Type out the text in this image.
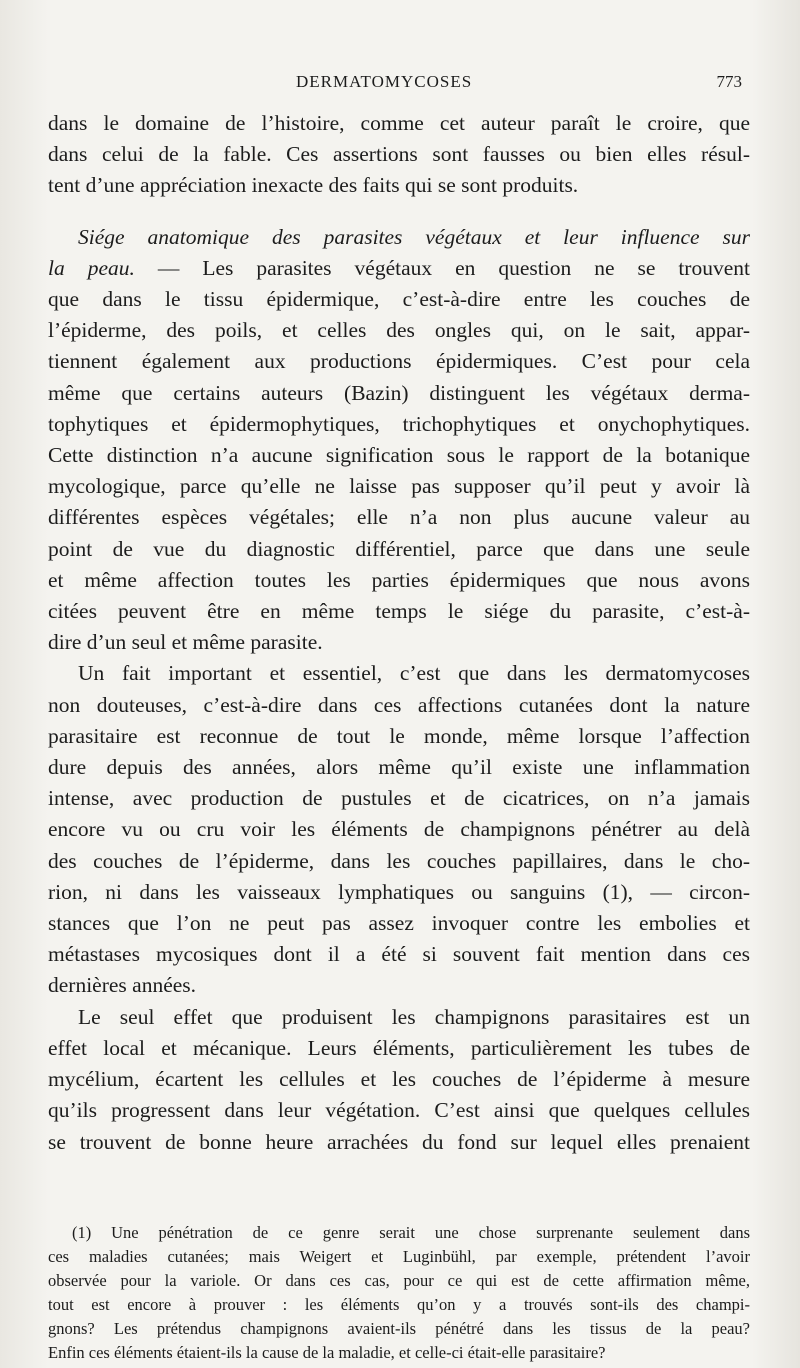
DERMATOMYCOSES	773
dans le domaine de l’histoire, comme cet auteur paraît le croire, que
dans celui de la fable. Ces assertions sont fausses ou bien elles résul-
tent d’une appréciation inexacte des faits qui se sont produits.
Siége anatomique des parasites végétaux et leur influence sur
la peau. — Les parasites végétaux en question ne se trouvent
que dans le tissu épidermique, c’est-à-dire entre les couches de
l’épiderme, des poils, et celles des ongles qui, on le sait, appar-
tiennent également aux productions épidermiques. C’est pour cela
même que certains auteurs (Bazin) distinguent les végétaux derma-
tophytiques et épidermophytiques, trichophytiques et onychophytiques.
Cette distinction n’a aucune signification sous le rapport de la botanique
mycologique, parce qu’elle ne laisse pas supposer qu’il peut y avoir là
différentes espèces végétales; elle n’a non plus aucune valeur au
point de vue du diagnostic différentiel, parce que dans une seule
et même affection toutes les parties épidermiques que nous avons
citées peuvent être en même temps le siége du parasite, c’est-à-
dire d’un seul et même parasite.
Un fait important et essentiel, c’est que dans les dermatomycoses
non douteuses, c’est-à-dire dans ces affections cutanées dont la nature
parasitaire est reconnue de tout le monde, même lorsque l’affection
dure depuis des années, alors même qu’il existe une inflammation
intense, avec production de pustules et de cicatrices, on n’a jamais
encore vu ou cru voir les éléments de champignons pénétrer au delà
des couches de l’épiderme, dans les couches papillaires, dans le cho-
rion, ni dans les vaisseaux lymphatiques ou sanguins (1), — circon-
stances que l’on ne peut pas assez invoquer contre les embolies et
métastases mycosiques dont il a été si souvent fait mention dans ces
dernières années.
Le seul effet que produisent les champignons parasitaires est un
effet local et mécanique. Leurs éléments, particulièrement les tubes de
mycélium, écartent les cellules et les couches de l’épiderme à mesure
qu’ils progressent dans leur végétation. C’est ainsi que quelques cellules
se trouvent de bonne heure arrachées du fond sur lequel elles prenaient
(1) Une pénétration de ce genre serait une chose surprenante seulement dans
ces maladies cutanées; mais Weigert et Luginbühl, par exemple, prétendent l’avoir
observée pour la variole. Or dans ces cas, pour ce qui est de cette affirmation même,
tout est encore à prouver : les éléments qu’on y a trouvés sont-ils des champi-
gnons? Les prétendus champignons avaient-ils pénétré dans les tissus de la peau?
Enfin ces éléments étaient-ils la cause de la maladie, et celle-ci était-elle parasitaire?
